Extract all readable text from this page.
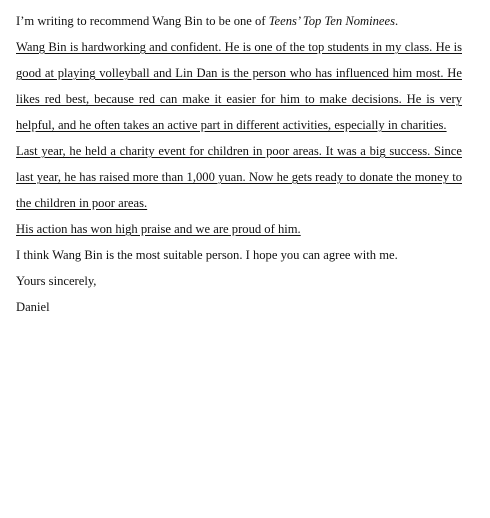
I’m writing to recommend Wang Bin to be one of Teens’ Top Ten Nominees.

Wang Bin is hardworking and confident. He is one of the top students in my class. He is good at playing volleyball and Lin Dan is the person who has influenced him most. He likes red best, because red can make it easier for him to make decisions. He is very helpful, and he often takes an active part in different activities, especially in charities.

Last year, he held a charity event for children in poor areas. It was a big success. Since last year, he has raised more than 1,000 yuan. Now he gets ready to donate the money to the children in poor areas.

His action has won high praise and we are proud of him.

I think Wang Bin is the most suitable person. I hope you can agree with me.

Yours sincerely,

Daniel
